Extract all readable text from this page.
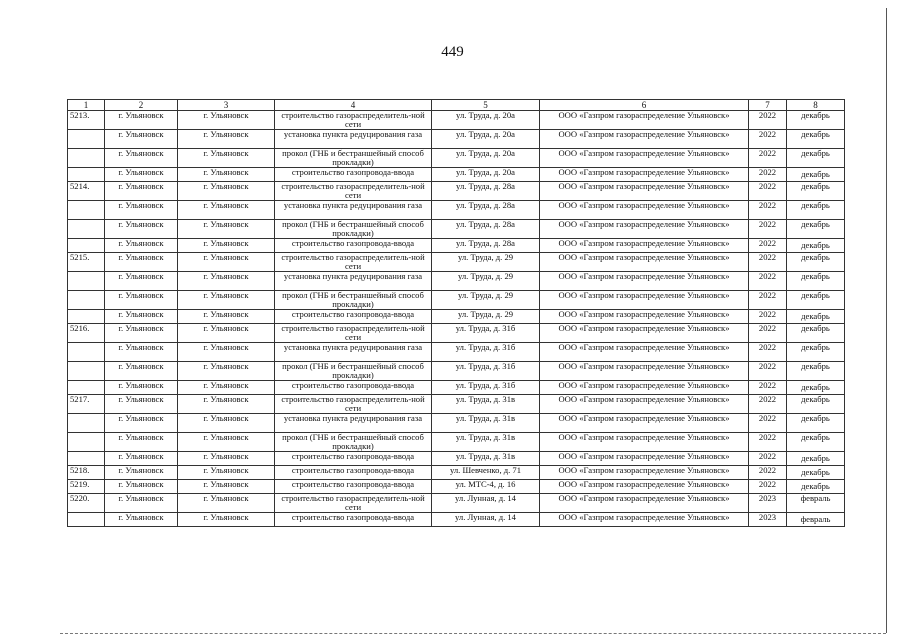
449
1	2	3	4	5	6	7	8
5213.	г. Ульяновск	г. Ульяновск	строительство газораспределитель-ной сети	ул. Труда, д. 20а	ООО «Газпром газораспределение Ульяновск»	2022	декабрь
	г. Ульяновск	г. Ульяновск	установка пункта редуцирования газа	ул. Труда, д. 20а	ООО «Газпром газораспределение Ульяновск»	2022	декабрь
	г. Ульяновск	г. Ульяновск	прокол (ГНБ и бестраншейный способ прокладки)	ул. Труда, д. 20а	ООО «Газпром газораспределение Ульяновск»	2022	декабрь
	г. Ульяновск	г. Ульяновск	строительство газопровода-ввода	ул. Труда, д. 20а	ООО «Газпром газораспределение Ульяновск»	2022	декабрь
5214.	г. Ульяновск	г. Ульяновск	строительство газораспределитель-ной сети	ул. Труда, д. 28а	ООО «Газпром газораспределение Ульяновск»	2022	декабрь
	г. Ульяновск	г. Ульяновск	установка пункта редуцирования газа	ул. Труда, д. 28а	ООО «Газпром газораспределение Ульяновск»	2022	декабрь
	г. Ульяновск	г. Ульяновск	прокол (ГНБ и бестраншейный способ прокладки)	ул. Труда, д. 28а	ООО «Газпром газораспределение Ульяновск»	2022	декабрь
	г. Ульяновск	г. Ульяновск	строительство газопровода-ввода	ул. Труда, д. 28а	ООО «Газпром газораспределение Ульяновск»	2022	декабрь
5215.	г. Ульяновск	г. Ульяновск	строительство газораспределитель-ной сети	ул. Труда, д. 29	ООО «Газпром газораспределение Ульяновск»	2022	декабрь
	г. Ульяновск	г. Ульяновск	установка пункта редуцирования газа	ул. Труда, д. 29	ООО «Газпром газораспределение Ульяновск»	2022	декабрь
	г. Ульяновск	г. Ульяновск	прокол (ГНБ и бестраншейный способ прокладки)	ул. Труда, д. 29	ООО «Газпром газораспределение Ульяновск»	2022	декабрь
	г. Ульяновск	г. Ульяновск	строительство газопровода-ввода	ул. Труда, д. 29	ООО «Газпром газораспределение Ульяновск»	2022	декабрь
5216.	г. Ульяновск	г. Ульяновск	строительство газораспределитель-ной сети	ул. Труда, д. 31б	ООО «Газпром газораспределение Ульяновск»	2022	декабрь
	г. Ульяновск	г. Ульяновск	установка пункта редуцирования газа	ул. Труда, д. 31б	ООО «Газпром газораспределение Ульяновск»	2022	декабрь
	г. Ульяновск	г. Ульяновск	прокол (ГНБ и бестраншейный способ прокладки)	ул. Труда, д. 31б	ООО «Газпром газораспределение Ульяновск»	2022	декабрь
	г. Ульяновск	г. Ульяновск	строительство газопровода-ввода	ул. Труда, д. 31б	ООО «Газпром газораспределение Ульяновск»	2022	декабрь
5217.	г. Ульяновск	г. Ульяновск	строительство газораспределитель-ной сети	ул. Труда, д. 31в	ООО «Газпром газораспределение Ульяновск»	2022	декабрь
	г. Ульяновск	г. Ульяновск	установка пункта редуцирования газа	ул. Труда, д. 31в	ООО «Газпром газораспределение Ульяновск»	2022	декабрь
	г. Ульяновск	г. Ульяновск	прокол (ГНБ и бестраншейный способ прокладки)	ул. Труда, д. 31в	ООО «Газпром газораспределение Ульяновск»	2022	декабрь
	г. Ульяновск	г. Ульяновск	строительство газопровода-ввода	ул. Труда, д. 31в	ООО «Газпром газораспределение Ульяновск»	2022	декабрь
5218.	г. Ульяновск	г. Ульяновск	строительство газопровода-ввода	ул. Шевченко, д. 71	ООО «Газпром газораспределение Ульяновск»	2022	декабрь
5219.	г. Ульяновск	г. Ульяновск	строительство газопровода-ввода	ул. МТС-4, д. 16	ООО «Газпром газораспределение Ульяновск»	2022	декабрь
5220.	г. Ульяновск	г. Ульяновск	строительство газораспределитель-ной сети	ул. Лунная, д. 14	ООО «Газпром газораспределение Ульяновск»	2023	февраль
	г. Ульяновск	г. Ульяновск	строительство газопровода-ввода	ул. Лунная, д. 14	ООО «Газпром газораспределение Ульяновск»	2023	февраль
